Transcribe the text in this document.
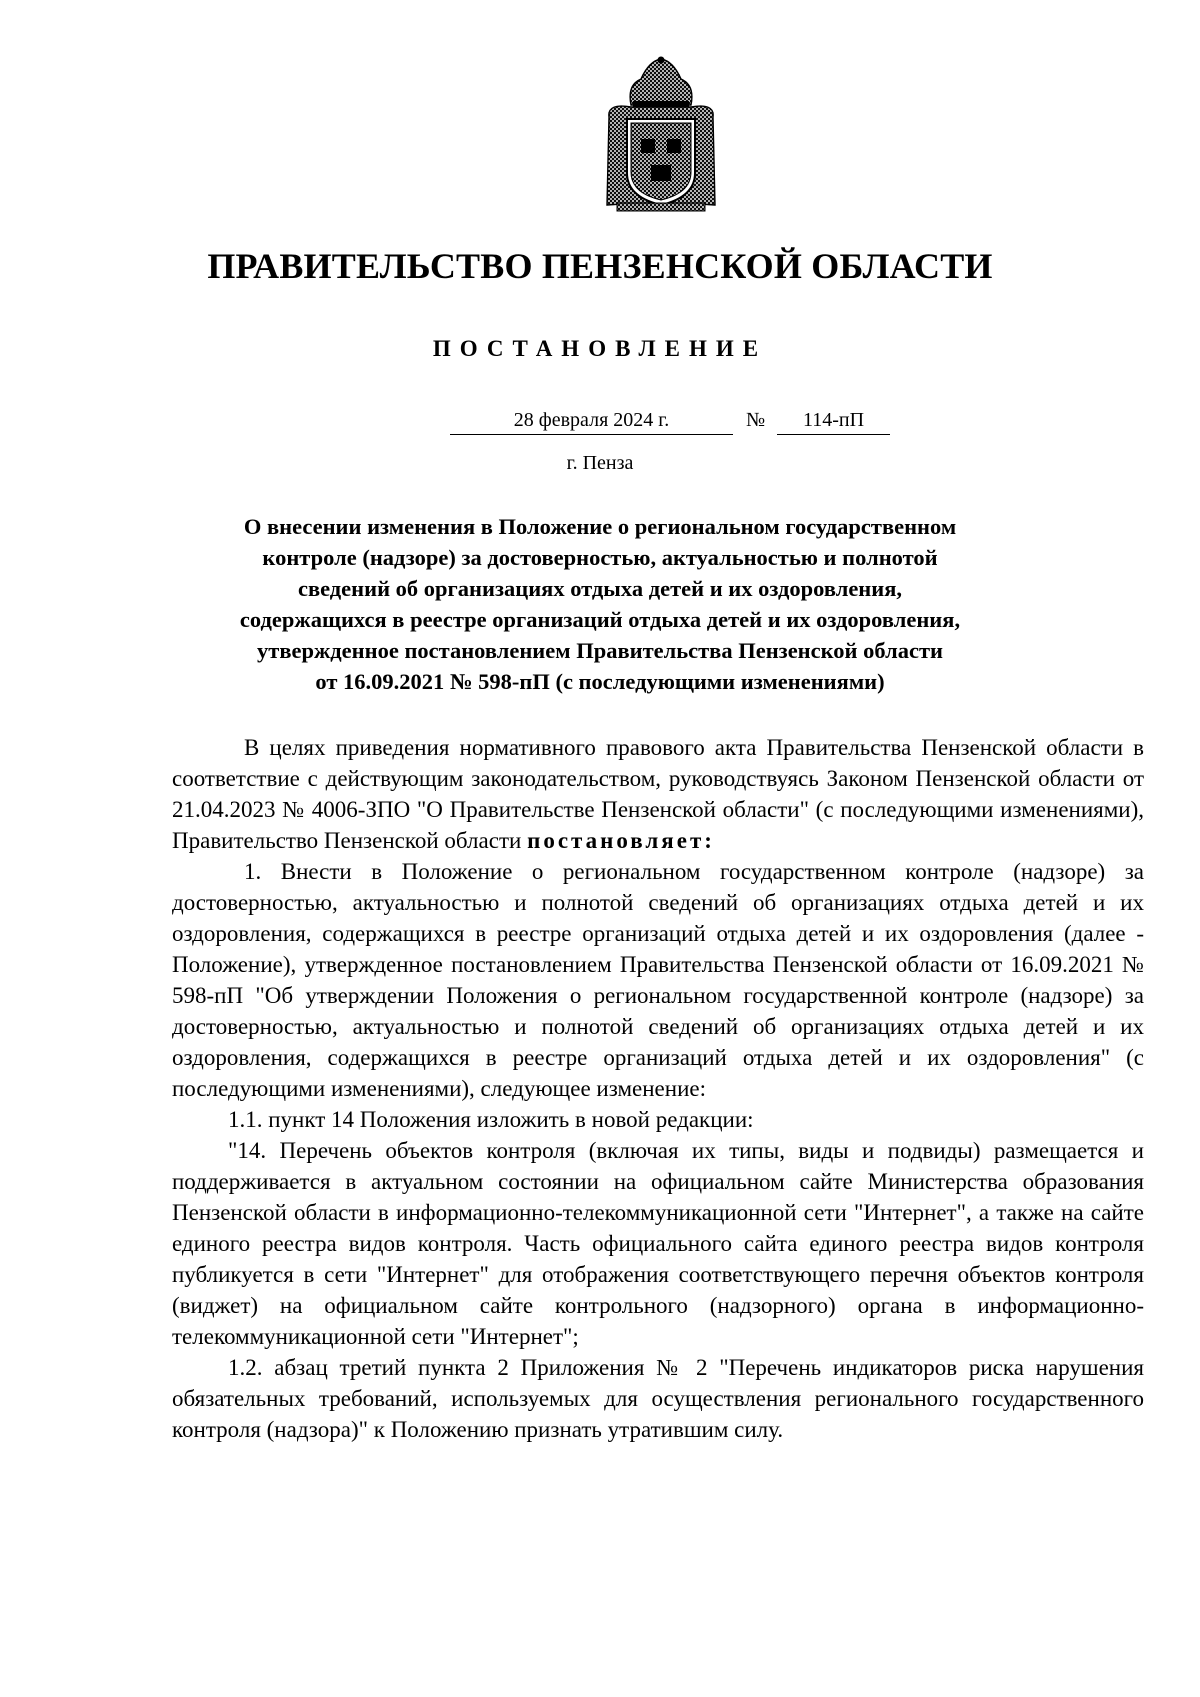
ПРАВИТЕЛЬСТВО ПЕНЗЕНСКОЙ ОБЛАСТИ
ПОСТАНОВЛЕНИЕ
28 февраля 2024 г.	№	114-пП
г. Пенза
О внесении изменения в Положение о региональном государственном
контроле (надзоре) за достоверностью, актуальностью и полнотой
сведений об организациях отдыха детей и их оздоровления,
содержащихся в реестре организаций отдыха детей и их оздоровления,
утвержденное постановлением Правительства Пензенской области
от 16.09.2021 № 598-пП (с последующими изменениями)

В целях приведения нормативного правового акта Правительства Пензенской области в соответствие с действующим законодательством, руководствуясь Законом Пензенской области от 21.04.2023 № 4006-ЗПО "О Правительстве Пензенской области" (с последующими изменениями), Правительство Пензенской области постановляет:

1. Внести в Положение о региональном государственном контроле (надзоре) за достоверностью, актуальностью и полнотой сведений об организациях отдыха детей и их оздоровления, содержащихся в реестре организаций отдыха детей и их оздоровления (далее - Положение), утвержденное постановлением Правительства Пензенской области от 16.09.2021 № 598-пП "Об утверждении Положения о региональном государственной контроле (надзоре) за достоверностью, актуальностью и полнотой сведений об организациях отдыха детей и их оздоровления, содержащихся в реестре организаций отдыха детей и их оздоровления" (с последующими изменениями), следующее изменение:

1.1. пункт 14 Положения изложить в новой редакции:

"14. Перечень объектов контроля (включая их типы, виды и подвиды) размещается и поддерживается в актуальном состоянии на официальном сайте Министерства образования Пензенской области в информационно-телекоммуникационной сети "Интернет", а также на сайте единого реестра видов контроля. Часть официального сайта единого реестра видов контроля публикуется в сети "Интернет" для отображения соответствующего перечня объектов контроля (виджет) на официальном сайте контрольного (надзорного) органа в информационно-телекоммуникационной сети "Интернет";

1.2. абзац третий пункта 2 Приложения № 2 "Перечень индикаторов риска нарушения обязательных требований, используемых для осуществления регионального государственного контроля (надзора)" к Положению признать утратившим силу.
